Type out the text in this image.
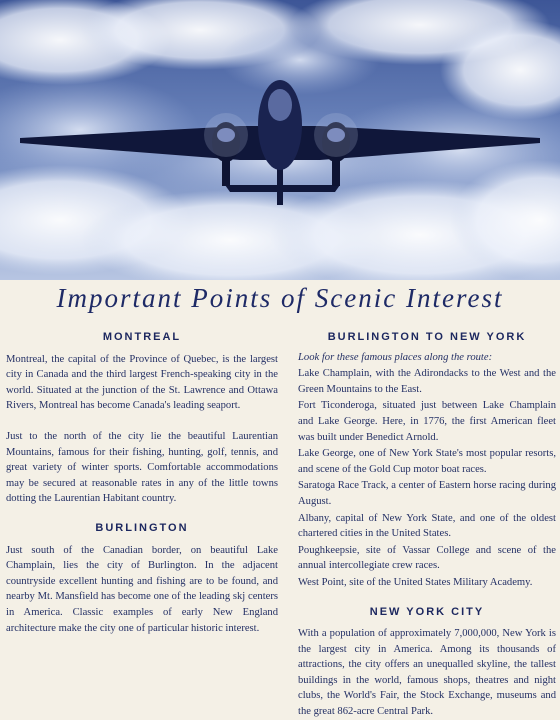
Important Points of Scenic Interest
MONTREAL

Montreal, the capital of the Province of Quebec, is the largest city in Canada and the third largest French-speaking city in the world. Situated at the junction of the St. Lawrence and Ottawa Rivers, Montreal has become Canada's leading seaport.

Just to the north of the city lie the beautiful Laurentian Mountains, famous for their fishing, hunting, golf, tennis, and great variety of winter sports. Comfortable accommodations may be secured at reasonable rates in any of the little towns dotting the Laurentian Habitant country.

BURLINGTON

Just south of the Canadian border, on beautiful Lake Champlain, lies the city of Burlington. In the adjacent countryside excellent hunting and fishing are to be found, and nearby Mt. Mansfield has become one of the leading skj centers in America. Classic examples of early New England architecture make the city one of particular historic interest.

BURLINGTON TO NEW YORK

Look for these famous places along the route:

Lake Champlain, with the Adirondacks to the West and the Green Mountains to the East.

Fort Ticonderoga, situated just between Lake Champlain and Lake George. Here, in 1776, the first American fleet was built under Benedict Arnold.

Lake George, one of New York State's most popular resorts, and scene of the Gold Cup motor boat races.

Saratoga Race Track, a center of Eastern horse racing during August.

Albany, capital of New York State, and one of the oldest chartered cities in the United States.

Poughkeepsie, site of Vassar College and scene of the annual intercollegiate crew races.

West Point, site of the United States Military Academy.

NEW YORK CITY

With a population of approximately 7,000,000, New York is the largest city in America. Among its thousands of attractions, the city offers an unequalled skyline, the tallest buildings in the world, famous shops, theatres and night clubs, the World's Fair, the Stock Exchange, museums and the great 862-acre Central Park.
